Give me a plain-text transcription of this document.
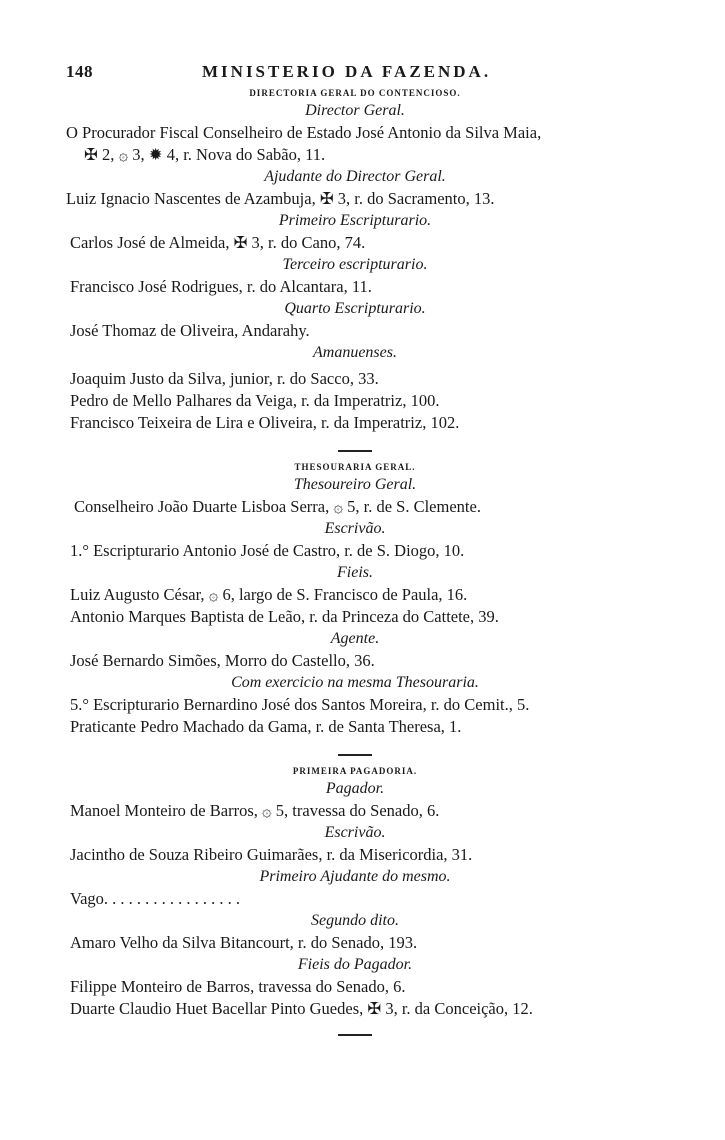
148	MINISTERIO DA FAZENDA.
DIRECTORIA GERAL DO CONTENCIOSO.
Director Geral.
O Procurador Fiscal Conselheiro de Estado José Antonio da Silva Maia,
✠ 2, ۞ 3, ✹ 4, r. Nova do Sabão, 11.
Ajudante do Director Geral.
Luiz Ignacio Nascentes de Azambuja, ✠ 3, r. do Sacramento, 13.
Primeiro Escripturario.
Carlos José de Almeida, ✠ 3, r. do Cano, 74.
Terceiro escripturario.
Francisco José Rodrigues, r. do Alcantara, 11.
Quarto Escripturario.
José Thomaz de Oliveira, Andarahy.
Amanuenses.
Joaquim Justo da Silva, junior, r. do Sacco, 33.
Pedro de Mello Palhares da Veiga, r. da Imperatriz, 100.
Francisco Teixeira de Lira e Oliveira, r. da Imperatriz, 102.
THESOURARIA GERAL.
Thesoureiro Geral.
Conselheiro João Duarte Lisboa Serra, ۞ 5, r. de S. Clemente.
Escrivão.
1.° Escripturario Antonio José de Castro, r. de S. Diogo, 10.
Fieis.
Luiz Augusto César, ۞ 6, largo de S. Francisco de Paula, 16.
Antonio Marques Baptista de Leão, r. da Princeza do Cattete, 39.
Agente.
José Bernardo Simões, Morro do Castello, 36.
Com exercicio na mesma Thesouraria.
5.° Escripturario Bernardino José dos Santos Moreira, r. do Cemit., 5.
Praticante Pedro Machado da Gama, r. de Santa Theresa, 1.
PRIMEIRA PAGADORIA.
Pagador.
Manoel Monteiro de Barros, ۞ 5, travessa do Senado, 6.
Escrivão.
Jacintho de Souza Ribeiro Guimarães, r. da Misericordia, 31.
Primeiro Ajudante do mesmo.
Vago. . . . . . . . . . . . . . . . .
Segundo dito.
Amaro Velho da Silva Bitancourt, r. do Senado, 193.
Fieis do Pagador.
Filippe Monteiro de Barros, travessa do Senado, 6.
Duarte Claudio Huet Bacellar Pinto Guedes, ✠ 3, r. da Conceição, 12.
